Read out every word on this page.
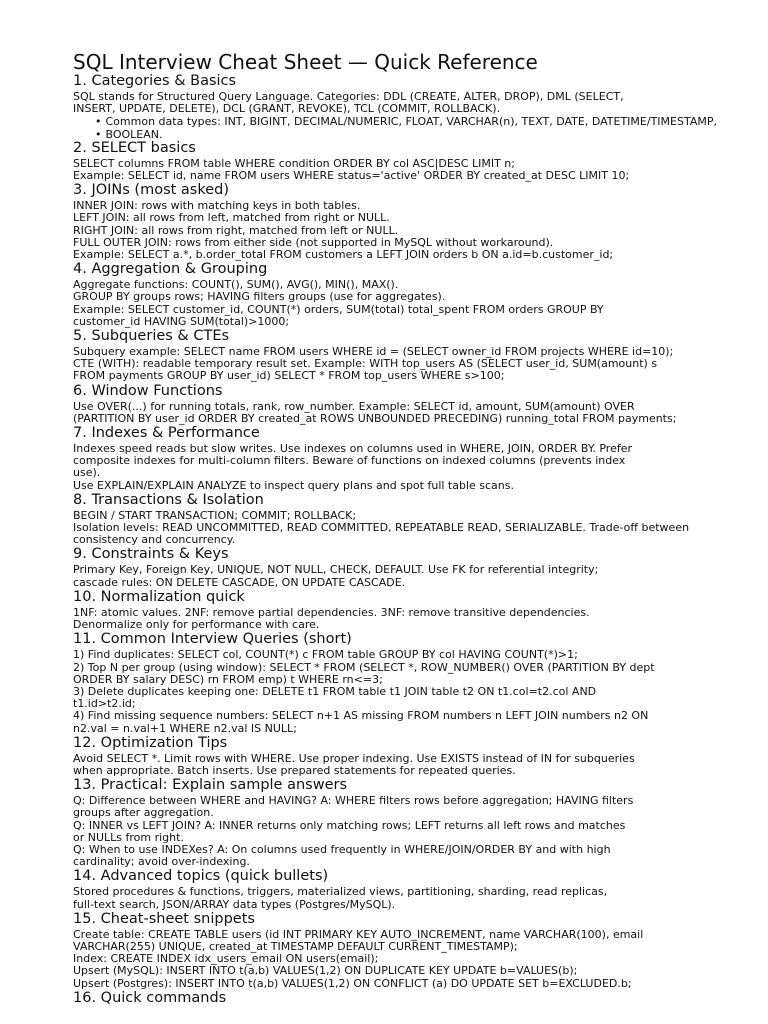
SQL Interview Cheat Sheet — Quick Reference
1. Categories & Basics
SQL stands for Structured Query Language. Categories: DDL (CREATE, ALTER, DROP), DML (SELECT,
INSERT, UPDATE, DELETE), DCL (GRANT, REVOKE), TCL (COMMIT, ROLLBACK).
• Common data types: INT, BIGINT, DECIMAL/NUMERIC, FLOAT, VARCHAR(n), TEXT, DATE, DATETIME/TIMESTAMP,
• BOOLEAN.
2. SELECT basics
SELECT columns FROM table WHERE condition ORDER BY col ASC|DESC LIMIT n;
Example: SELECT id, name FROM users WHERE status='active' ORDER BY created_at DESC LIMIT 10;
3. JOINs (most asked)
INNER JOIN: rows with matching keys in both tables.
LEFT JOIN: all rows from left, matched from right or NULL.
RIGHT JOIN: all rows from right, matched from left or NULL.
FULL OUTER JOIN: rows from either side (not supported in MySQL without workaround).
Example: SELECT a.*, b.order_total FROM customers a LEFT JOIN orders b ON a.id=b.customer_id;
4. Aggregation & Grouping
Aggregate functions: COUNT(), SUM(), AVG(), MIN(), MAX().
GROUP BY groups rows; HAVING filters groups (use for aggregates).
Example: SELECT customer_id, COUNT(*) orders, SUM(total) total_spent FROM orders GROUP BY
customer_id HAVING SUM(total)>1000;
5. Subqueries & CTEs
Subquery example: SELECT name FROM users WHERE id = (SELECT owner_id FROM projects WHERE id=10);
CTE (WITH): readable temporary result set. Example: WITH top_users AS (SELECT user_id, SUM(amount) s
FROM payments GROUP BY user_id) SELECT * FROM top_users WHERE s>100;
6. Window Functions
Use OVER(...) for running totals, rank, row_number. Example: SELECT id, amount, SUM(amount) OVER
(PARTITION BY user_id ORDER BY created_at ROWS UNBOUNDED PRECEDING) running_total FROM payments;
7. Indexes & Performance
Indexes speed reads but slow writes. Use indexes on columns used in WHERE, JOIN, ORDER BY. Prefer
composite indexes for multi-column filters. Beware of functions on indexed columns (prevents index
use).
Use EXPLAIN/EXPLAIN ANALYZE to inspect query plans and spot full table scans.
8. Transactions & Isolation
BEGIN / START TRANSACTION; COMMIT; ROLLBACK;
Isolation levels: READ UNCOMMITTED, READ COMMITTED, REPEATABLE READ, SERIALIZABLE. Trade-off between
consistency and concurrency.
9. Constraints & Keys
Primary Key, Foreign Key, UNIQUE, NOT NULL, CHECK, DEFAULT. Use FK for referential integrity;
cascade rules: ON DELETE CASCADE, ON UPDATE CASCADE.
10. Normalization quick
1NF: atomic values. 2NF: remove partial dependencies. 3NF: remove transitive dependencies.
Denormalize only for performance with care.
11. Common Interview Queries (short)
1) Find duplicates: SELECT col, COUNT(*) c FROM table GROUP BY col HAVING COUNT(*)>1;
2) Top N per group (using window): SELECT * FROM (SELECT *, ROW_NUMBER() OVER (PARTITION BY dept
ORDER BY salary DESC) rn FROM emp) t WHERE rn<=3;
3) Delete duplicates keeping one: DELETE t1 FROM table t1 JOIN table t2 ON t1.col=t2.col AND
t1.id>t2.id;
4) Find missing sequence numbers: SELECT n+1 AS missing FROM numbers n LEFT JOIN numbers n2 ON
n2.val = n.val+1 WHERE n2.val IS NULL;
12. Optimization Tips
Avoid SELECT *. Limit rows with WHERE. Use proper indexing. Use EXISTS instead of IN for subqueries
when appropriate. Batch inserts. Use prepared statements for repeated queries.
13. Practical: Explain sample answers
Q: Difference between WHERE and HAVING? A: WHERE filters rows before aggregation; HAVING filters
groups after aggregation.
Q: INNER vs LEFT JOIN? A: INNER returns only matching rows; LEFT returns all left rows and matches
or NULLs from right.
Q: When to use INDEXes? A: On columns used frequently in WHERE/JOIN/ORDER BY and with high
cardinality; avoid over-indexing.
14. Advanced topics (quick bullets)
Stored procedures & functions, triggers, materialized views, partitioning, sharding, read replicas,
full-text search, JSON/ARRAY data types (Postgres/MySQL).
15. Cheat-sheet snippets
Create table: CREATE TABLE users (id INT PRIMARY KEY AUTO_INCREMENT, name VARCHAR(100), email
VARCHAR(255) UNIQUE, created_at TIMESTAMP DEFAULT CURRENT_TIMESTAMP);
Index: CREATE INDEX idx_users_email ON users(email);
Upsert (MySQL): INSERT INTO t(a,b) VALUES(1,2) ON DUPLICATE KEY UPDATE b=VALUES(b);
Upsert (Postgres): INSERT INTO t(a,b) VALUES(1,2) ON CONFLICT (a) DO UPDATE SET b=EXCLUDED.b;
16. Quick commands
